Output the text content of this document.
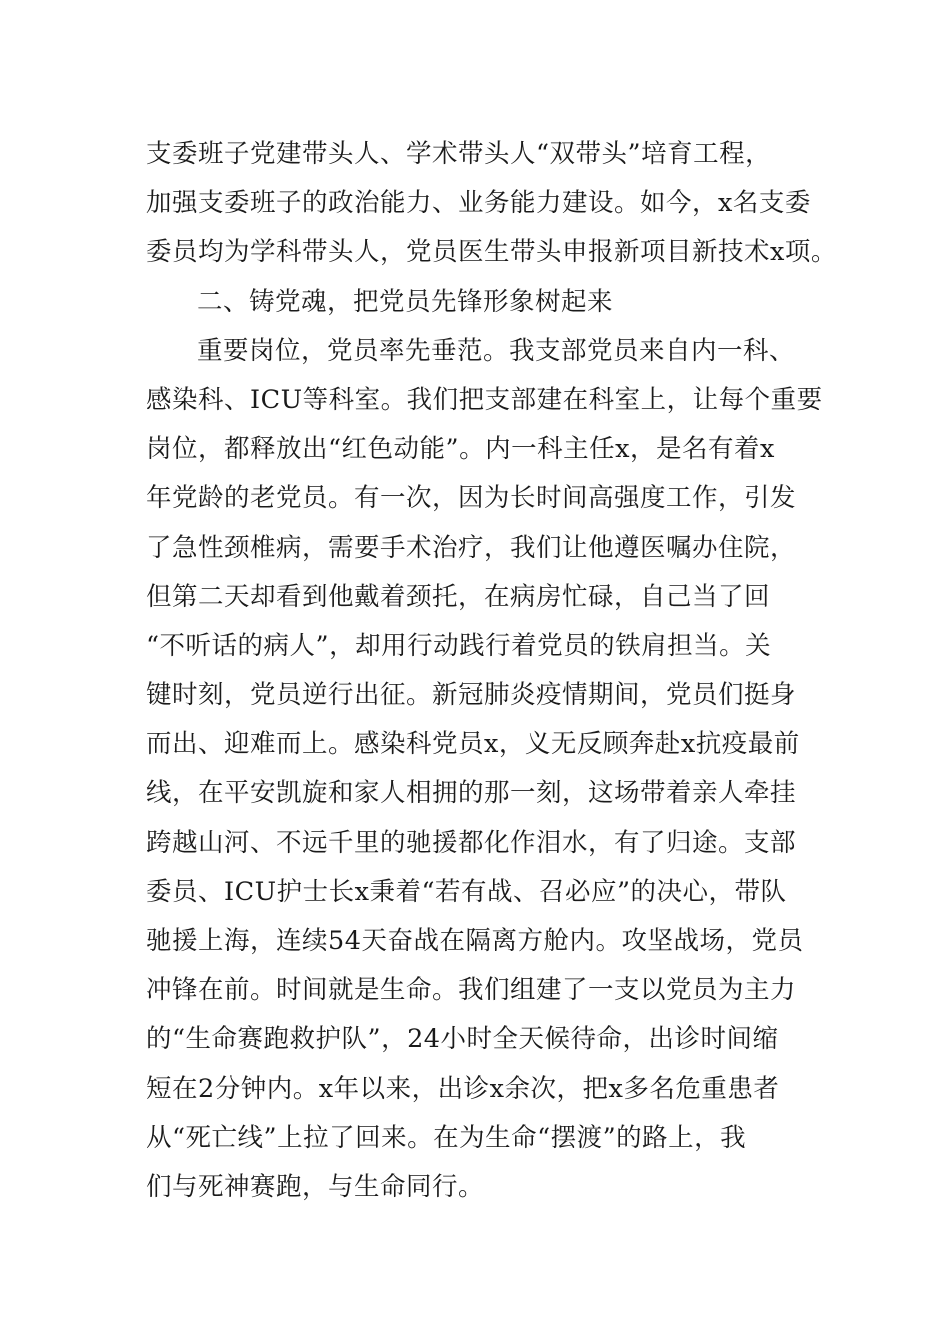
支委班子党建带头人、学术带头人“双带头”培育工程，
加强支委班子的政治能力、业务能力建设。如今，x名支委
委员均为学科带头人，党员医生带头申报新项目新技术x项。
二、铸党魂，把党员先锋形象树起来
重要岗位，党员率先垂范。我支部党员来自内一科、
感染科、ICU等科室。我们把支部建在科室上，让每个重要
岗位，都释放出“红色动能”。内一科主任x，是名有着x
年党龄的老党员。有一次，因为长时间高强度工作，引发
了急性颈椎病，需要手术治疗，我们让他遵医嘱办住院，
但第二天却看到他戴着颈托，在病房忙碌，自己当了回
“不听话的病人”，却用行动践行着党员的铁肩担当。关
键时刻，党员逆行出征。新冠肺炎疫情期间，党员们挺身
而出、迎难而上。感染科党员x，义无反顾奔赴x抗疫最前
线，在平安凯旋和家人相拥的那一刻，这场带着亲人牵挂
跨越山河、不远千里的驰援都化作泪水，有了归途。支部
委员、ICU护士长x秉着“若有战、召必应”的决心，带队
驰援上海，连续54天奋战在隔离方舱内。攻坚战场，党员
冲锋在前。时间就是生命。我们组建了一支以党员为主力
的“生命赛跑救护队”，24小时全天候待命，出诊时间缩
短在2分钟内。x年以来，出诊x余次，把x多名危重患者
从“死亡线”上拉了回来。在为生命“摆渡”的路上，我
们与死神赛跑，与生命同行。
